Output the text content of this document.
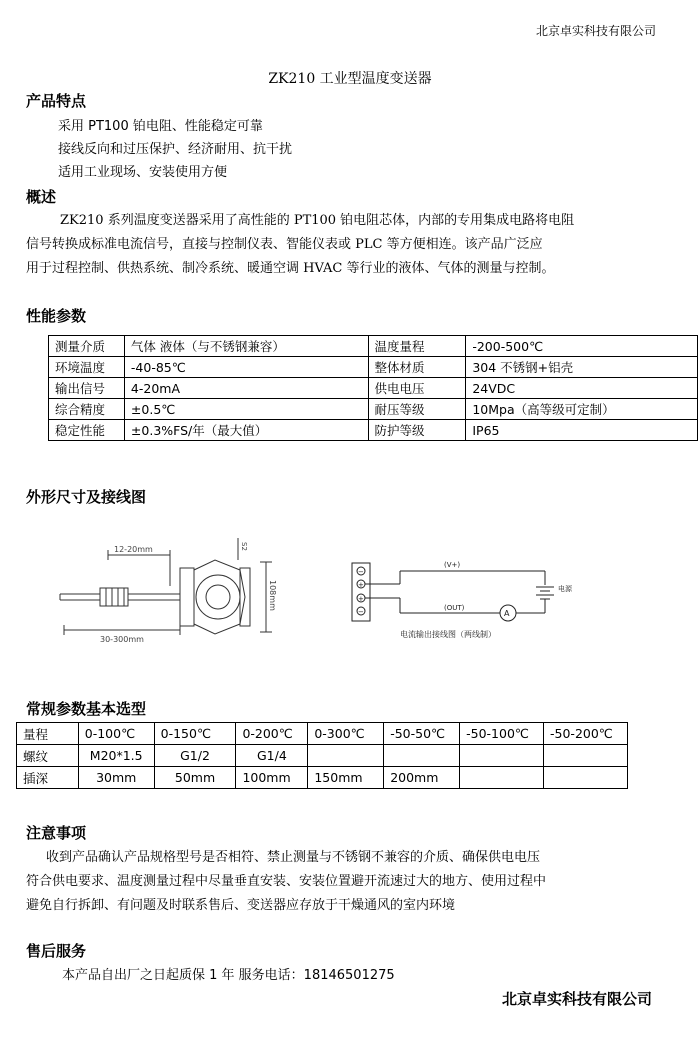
北京卓实科技有限公司
ZK210 工业型温度变送器
产品特点
采用 PT100 铂电阻、性能稳定可靠
接线反向和过压保护、经济耐用、抗干扰
适用工业现场、安装使用方便
概述
ZK210 系列温度变送器采用了高性能的 PT100 铂电阻芯体，内部的专用集成电路将电阻
信号转换成标准电流信号，直接与控制仪表、智能仪表或 PLC 等方便相连。该产品广泛应
用于过程控制、供热系统、制冷系统、暖通空调 HVAC 等行业的液体、气体的测量与控制。
性能参数
测量介质	气体 液体（与不锈钢兼容）	温度量程	-200-500℃
环境温度	-40-85℃	整体材质	304 不锈钢+铝壳
输出信号	4-20mA	供电电压	24VDC
综合精度	±0.5℃	耐压等级	10Mpa（高等级可定制）
稳定性能	±0.3%FS/年（最大值）	防护等级	IP65
外形尺寸及接线图
12-20mm
30-300mm
108mm
S2
−
+
+
−
(V+)
(OUT)
A
电源
电流输出接线图（两线制）
常规参数基本选型
量程	0-100℃	0-150℃	0-200℃	0-300℃	-50-50℃	-50-100℃	-50-200℃
螺纹	M20*1.5	G1/2	G1/4				
插深	30mm	50mm	100mm	150mm	200mm		
注意事项
收到产品确认产品规格型号是否相符、禁止测量与不锈钢不兼容的介质、确保供电电压
符合供电要求、温度测量过程中尽量垂直安装、安装位置避开流速过大的地方、使用过程中
避免自行拆卸、有问题及时联系售后、变送器应存放于干燥通风的室内环境
售后服务
本产品自出厂之日起质保 1 年 服务电话：18146501275
北京卓实科技有限公司
